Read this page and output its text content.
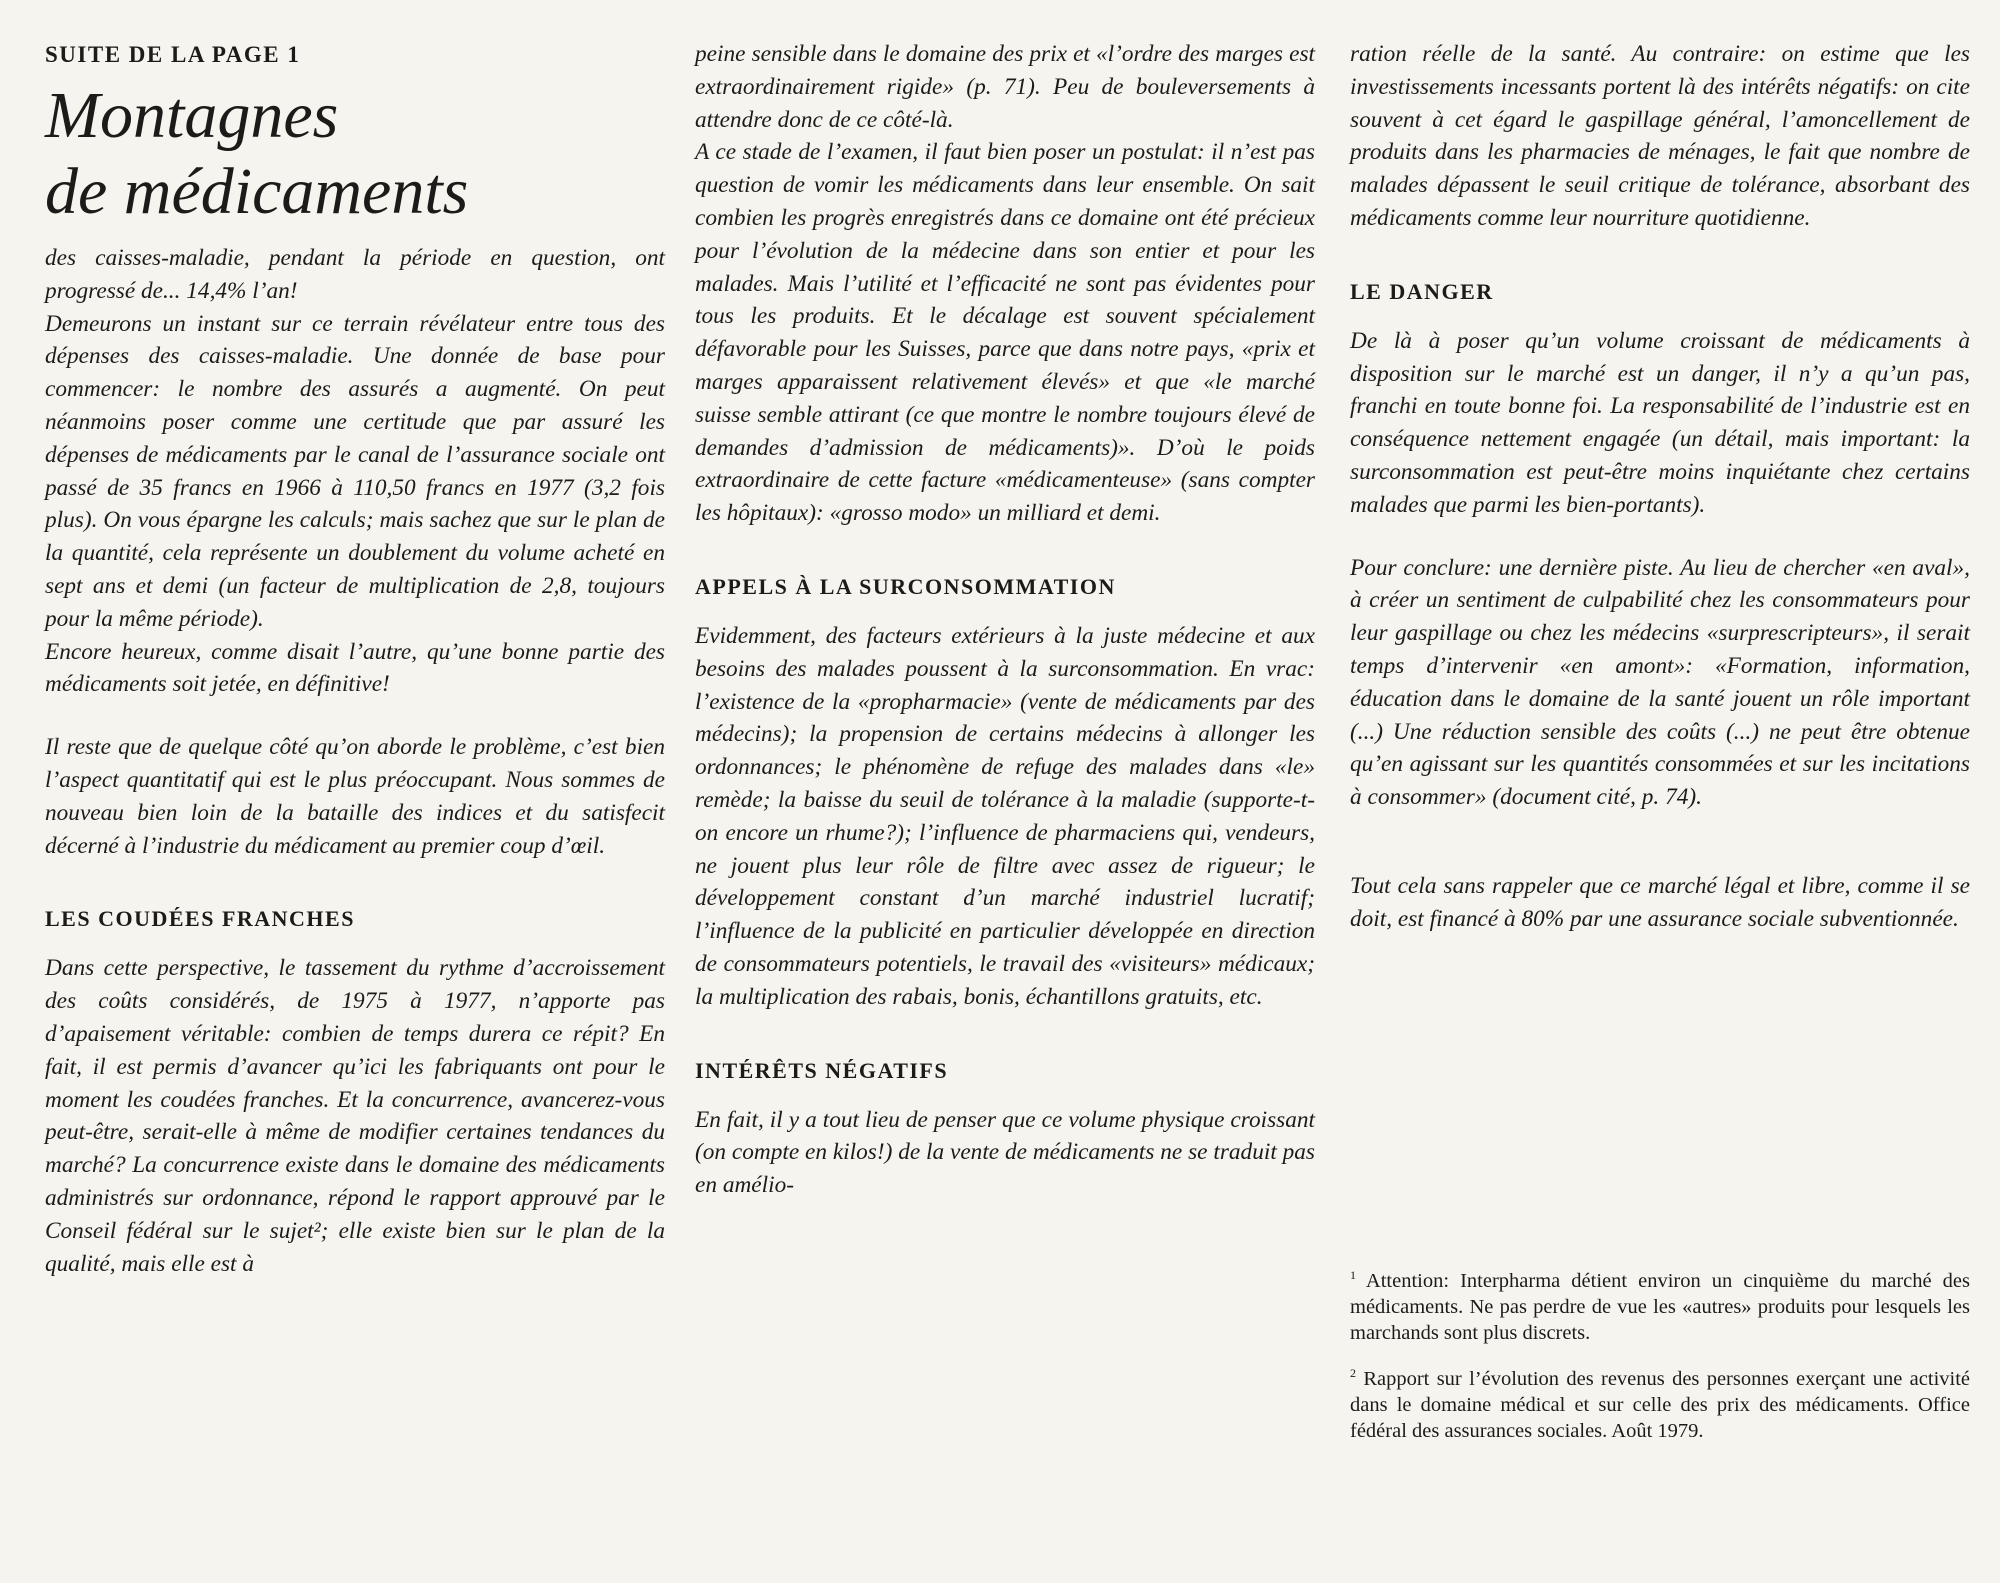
SUITE DE LA PAGE 1
Montagnes
de médicaments

des caisses-maladie, pendant la période en question, ont progressé de... 14,4% l’an!

Demeurons un instant sur ce terrain révélateur entre tous des dépenses des caisses-maladie. Une donnée de base pour commencer: le nombre des assurés a augmenté. On peut néanmoins poser comme une certitude que par assuré les dépenses de médicaments par le canal de l’assurance sociale ont passé de 35 francs en 1966 à 110,50 francs en 1977 (3,2 fois plus). On vous épargne les calculs; mais sachez que sur le plan de la quantité, cela représente un doublement du volume acheté en sept ans et demi (un facteur de multiplication de 2,8, toujours pour la même période).

Encore heureux, comme disait l’autre, qu’une bonne partie des médicaments soit jetée, en définitive!

Il reste que de quelque côté qu’on aborde le problème, c’est bien l’aspect quantitatif qui est le plus préoccupant. Nous sommes de nouveau bien loin de la bataille des indices et du satisfecit décerné à l’industrie du médicament au premier coup d’œil.

LES COUDÉES FRANCHES

Dans cette perspective, le tassement du rythme d’accroissement des coûts considérés, de 1975 à 1977, n’apporte pas d’apaisement véritable: combien de temps durera ce répit? En fait, il est permis d’avancer qu’ici les fabriquants ont pour le moment les coudées franches. Et la concurrence, avancerez-vous peut-être, serait-elle à même de modifier certaines tendances du marché? La concurrence existe dans le domaine des médicaments administrés sur ordonnance, répond le rapport approuvé par le Conseil fédéral sur le sujet²; elle existe bien sur le plan de la qualité, mais elle est à

peine sensible dans le domaine des prix et «l’ordre des marges est extraordinairement rigide» (p. 71). Peu de bouleversements à attendre donc de ce côté-là.

A ce stade de l’examen, il faut bien poser un postulat: il n’est pas question de vomir les médicaments dans leur ensemble. On sait combien les progrès enregistrés dans ce domaine ont été précieux pour l’évolution de la médecine dans son entier et pour les malades. Mais l’utilité et l’efficacité ne sont pas évidentes pour tous les produits. Et le décalage est souvent spécialement défavorable pour les Suisses, parce que dans notre pays, «prix et marges apparaissent relativement élevés» et que «le marché suisse semble attirant (ce que montre le nombre toujours élevé de demandes d’admission de médicaments)». D’où le poids extraordinaire de cette facture «médicamenteuse» (sans compter les hôpitaux): «grosso modo» un milliard et demi.

APPELS À LA SURCONSOMMATION

Evidemment, des facteurs extérieurs à la juste médecine et aux besoins des malades poussent à la surconsommation. En vrac: l’existence de la «propharmacie» (vente de médicaments par des médecins); la propension de certains médecins à allonger les ordonnances; le phénomène de refuge des malades dans «le» remède; la baisse du seuil de tolérance à la maladie (supporte-t-on encore un rhume?); l’influence de pharmaciens qui, vendeurs, ne jouent plus leur rôle de filtre avec assez de rigueur; le développement constant d’un marché industriel lucratif; l’influence de la publicité en particulier développée en direction de consommateurs potentiels, le travail des «visiteurs» médicaux; la multiplication des rabais, bonis, échantillons gratuits, etc.

INTÉRÊTS NÉGATIFS

En fait, il y a tout lieu de penser que ce volume physique croissant (on compte en kilos!) de la vente de médicaments ne se traduit pas en amélio-

ration réelle de la santé. Au contraire: on estime que les investissements incessants portent là des intérêts négatifs: on cite souvent à cet égard le gaspillage général, l’amoncellement de produits dans les pharmacies de ménages, le fait que nombre de malades dépassent le seuil critique de tolérance, absorbant des médicaments comme leur nourriture quotidienne.

LE DANGER

De là à poser qu’un volume croissant de médicaments à disposition sur le marché est un danger, il n’y a qu’un pas, franchi en toute bonne foi. La responsabilité de l’industrie est en conséquence nettement engagée (un détail, mais important: la surconsommation est peut-être moins inquiétante chez certains malades que parmi les bien-portants).

Pour conclure: une dernière piste. Au lieu de chercher «en aval», à créer un sentiment de culpabilité chez les consommateurs pour leur gaspillage ou chez les médecins «surprescripteurs», il serait temps d’intervenir «en amont»: «Formation, information, éducation dans le domaine de la santé jouent un rôle important (...) Une réduction sensible des coûts (...) ne peut être obtenue qu’en agissant sur les quantités consommées et sur les incitations à consommer» (document cité, p. 74).

Tout cela sans rappeler que ce marché légal et libre, comme il se doit, est financé à 80% par une assurance sociale subventionnée.

$^1$ Attention: Interpharma détient environ un cinquième du marché des médicaments. Ne pas perdre de vue les «autres» produits pour lesquels les marchands sont plus discrets.

$^2$ Rapport sur l’évolution des revenus des personnes exerçant une activité dans le domaine médical et sur celle des prix des médicaments. Office fédéral des assurances sociales. Août 1979.
